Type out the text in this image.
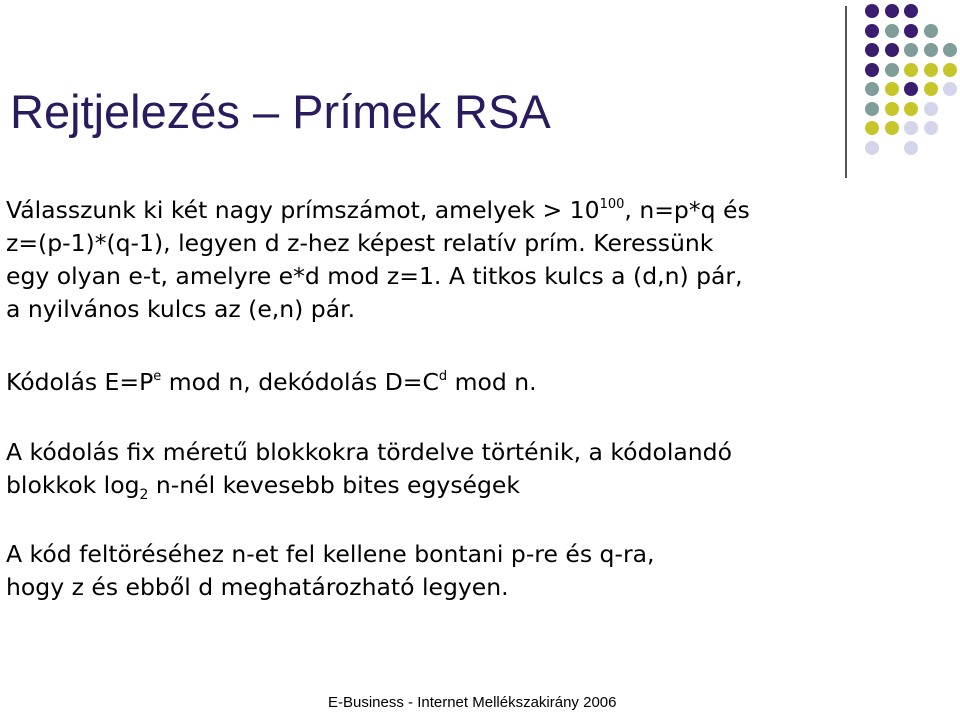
Rejtjelezés – Prímek RSA
Válasszunk ki két nagy prímszámot, amelyek > $10^{100}$, n=p*q és
z=(p-1)*(q-1), legyen d z-hez képest relatív prím. Keressünk
egy olyan e-t, amelyre e*d mod z=1. A titkos kulcs a (d,n) pár,
a nyilvános kulcs az (e,n) pár.
Kódolás $E=P^e$ mod n, dekódolás $D=C^d$ mod n.
A kódolás fix méretű blokkokra tördelve történik, a kódolandó
blokkok $\log_2$ n-nél kevesebb bites egységek
A kód feltöréséhez n-et fel kellene bontani p-re és q-ra,
hogy z és ebből d meghatározható legyen.
E-Business - Internet Mellékszakirány 2006
